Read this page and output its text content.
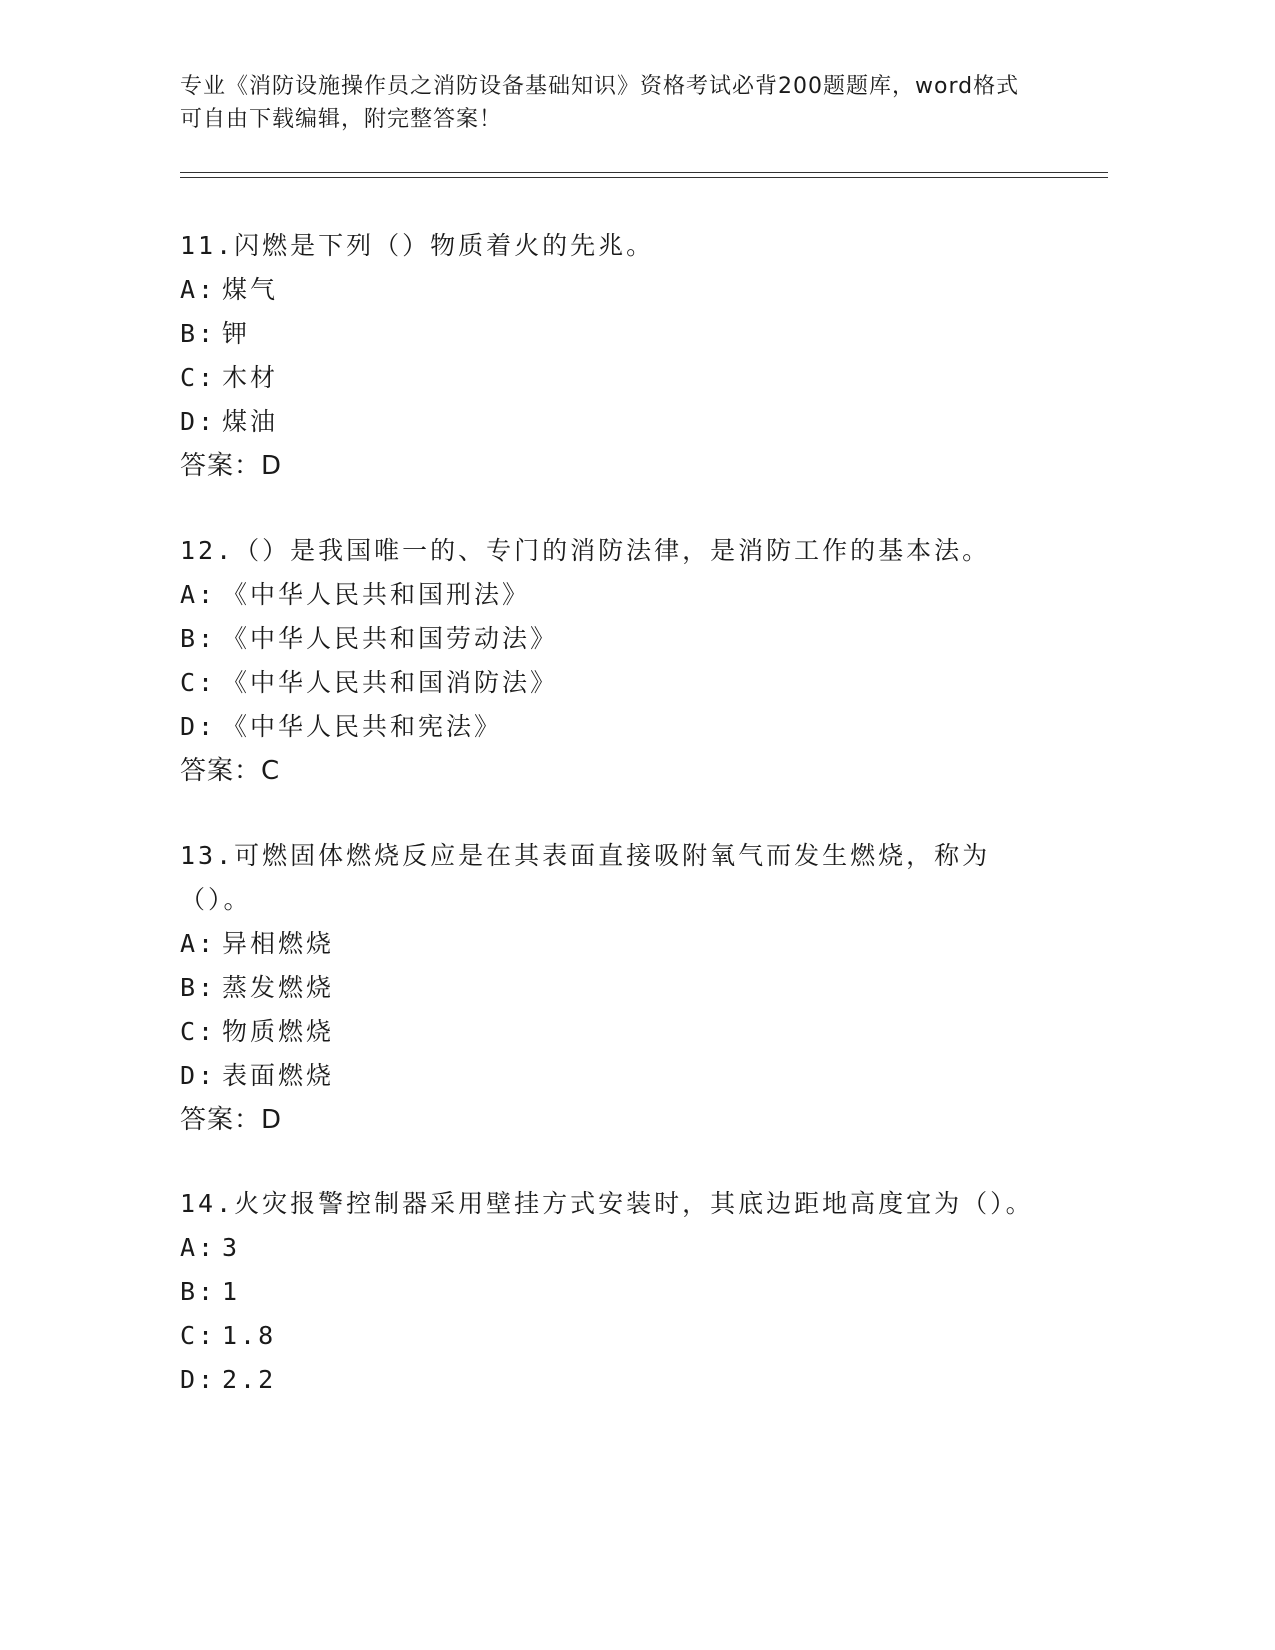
专业《消防设施操作员之消防设备基础知识》资格考试必背200题题库，word格式可自由下载编辑，附完整答案！

11.闪燃是下列（）物质着火的先兆。

A: 煤气
B: 钾
C: 木材
D: 煤油
答案：D

12.（）是我国唯一的、专门的消防法律，是消防工作的基本法。

A: 《中华人民共和国刑法》
B: 《中华人民共和国劳动法》
C: 《中华人民共和国消防法》
D: 《中华人民共和宪法》
答案：C

13.可燃固体燃烧反应是在其表面直接吸附氧气而发生燃烧，称为（）。

A: 异相燃烧
B: 蒸发燃烧
C: 物质燃烧
D: 表面燃烧
答案：D

14.火灾报警控制器采用壁挂方式安装时，其底边距地高度宜为（）。

A: 3
B: 1
C: 1.8
D: 2.2
